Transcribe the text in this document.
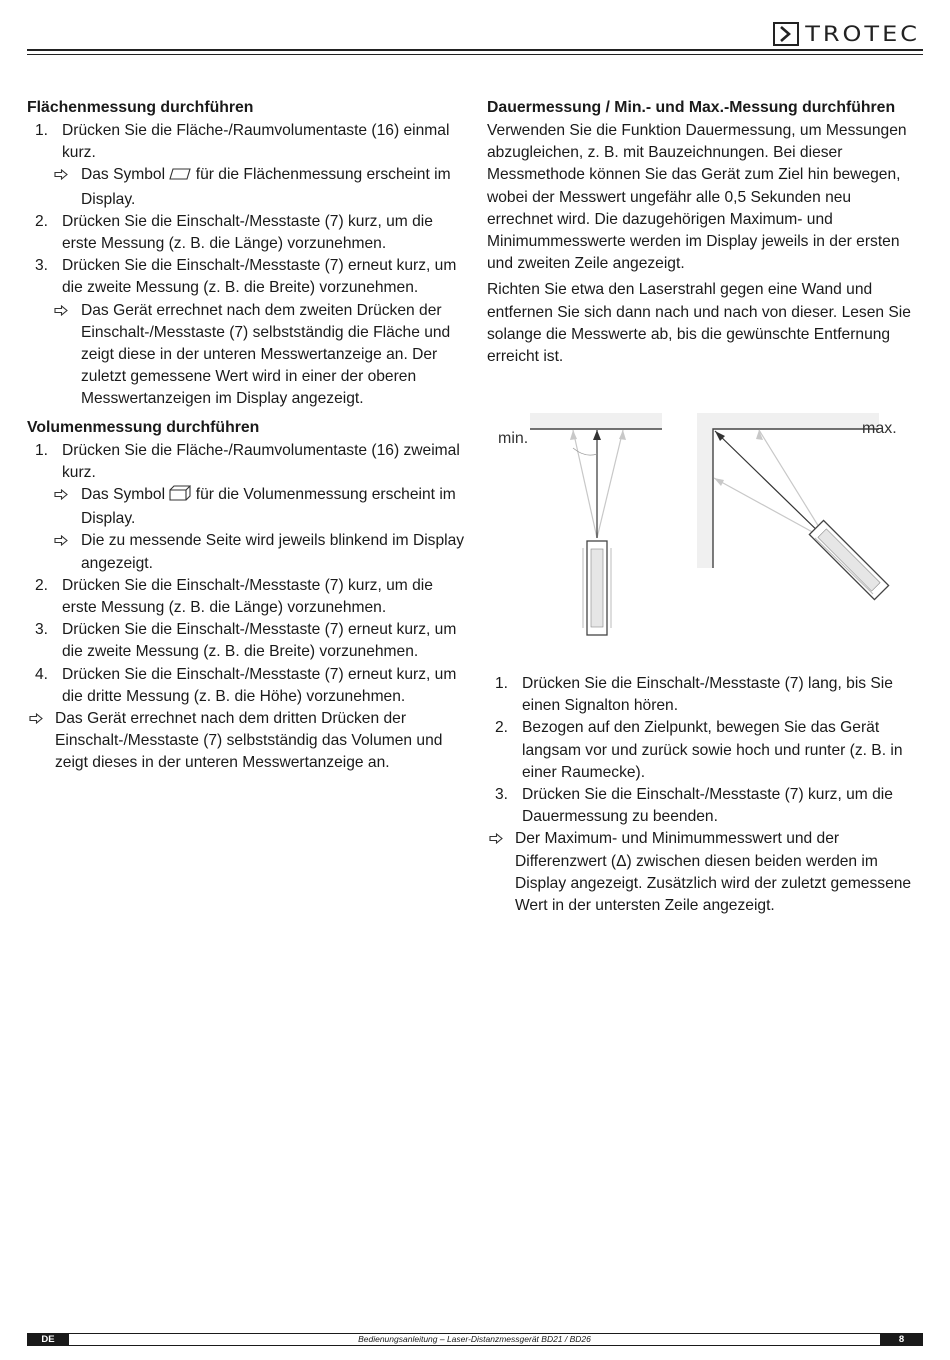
TROTEC
Flächenmessung durchführen
1. Drücken Sie die Fläche-/Raumvolumentaste (16) einmal kurz.
Das Symbol für die Flächenmessung erscheint im Display.
2. Drücken Sie die Einschalt-/Messtaste (7) kurz, um die erste Messung (z. B. die Länge) vorzunehmen.
3. Drücken Sie die Einschalt-/Messtaste (7) erneut kurz, um die zweite Messung (z. B. die Breite) vorzunehmen.
Das Gerät errechnet nach dem zweiten Drücken der Einschalt-/Messtaste (7) selbstständig die Fläche und zeigt diese in der unteren Messwertanzeige an. Der zuletzt gemessene Wert wird in einer der oberen Messwertanzeigen im Display angezeigt.
Volumenmessung durchführen
1. Drücken Sie die Fläche-/Raumvolumentaste (16) zweimal kurz.
Das Symbol für die Volumenmessung erscheint im Display.
Die zu messende Seite wird jeweils blinkend im Display angezeigt.
2. Drücken Sie die Einschalt-/Messtaste (7) kurz, um die erste Messung (z. B. die Länge) vorzunehmen.
3. Drücken Sie die Einschalt-/Messtaste (7) erneut kurz, um die zweite Messung (z. B. die Breite) vorzunehmen.
4. Drücken Sie die Einschalt-/Messtaste (7) erneut kurz, um die dritte Messung (z. B. die Höhe) vorzunehmen.
Das Gerät errechnet nach dem dritten Drücken der Einschalt-/Messtaste (7) selbstständig das Volumen und zeigt dieses in der unteren Messwertanzeige an.
Dauermessung / Min.- und Max.-Messung durchführen

Verwenden Sie die Funktion Dauermessung, um Messungen abzugleichen, z. B. mit Bauzeichnungen. Bei dieser Messmethode können Sie das Gerät zum Ziel hin bewegen, wobei der Messwert ungefähr alle 0,5 Sekunden neu errechnet wird. Die dazugehörigen Maximum- und Minimummesswerte werden im Display jeweils in der ersten und zweiten Zeile angezeigt.

Richten Sie etwa den Laserstrahl gegen eine Wand und entfernen Sie sich dann nach und nach von dieser. Lesen Sie solange die Messwerte ab, bis die gewünschte Entfernung erreicht ist.

min.
max.
1. Drücken Sie die Einschalt-/Messtaste (7) lang, bis Sie einen Signalton hören.
2. Bezogen auf den Zielpunkt, bewegen Sie das Gerät langsam vor und zurück sowie hoch und runter (z. B. in einer Raumecke).
3. Drücken Sie die Einschalt-/Messtaste (7) kurz, um die Dauermessung zu beenden.
Der Maximum- und Minimummesswert und der Differenzwert (Δ) zwischen diesen beiden werden im Display angezeigt. Zusätzlich wird der zuletzt gemessene Wert in der untersten Zeile angezeigt.
DE	Bedienungsanleitung – Laser-Distanzmessgerät BD21 / BD26	8
